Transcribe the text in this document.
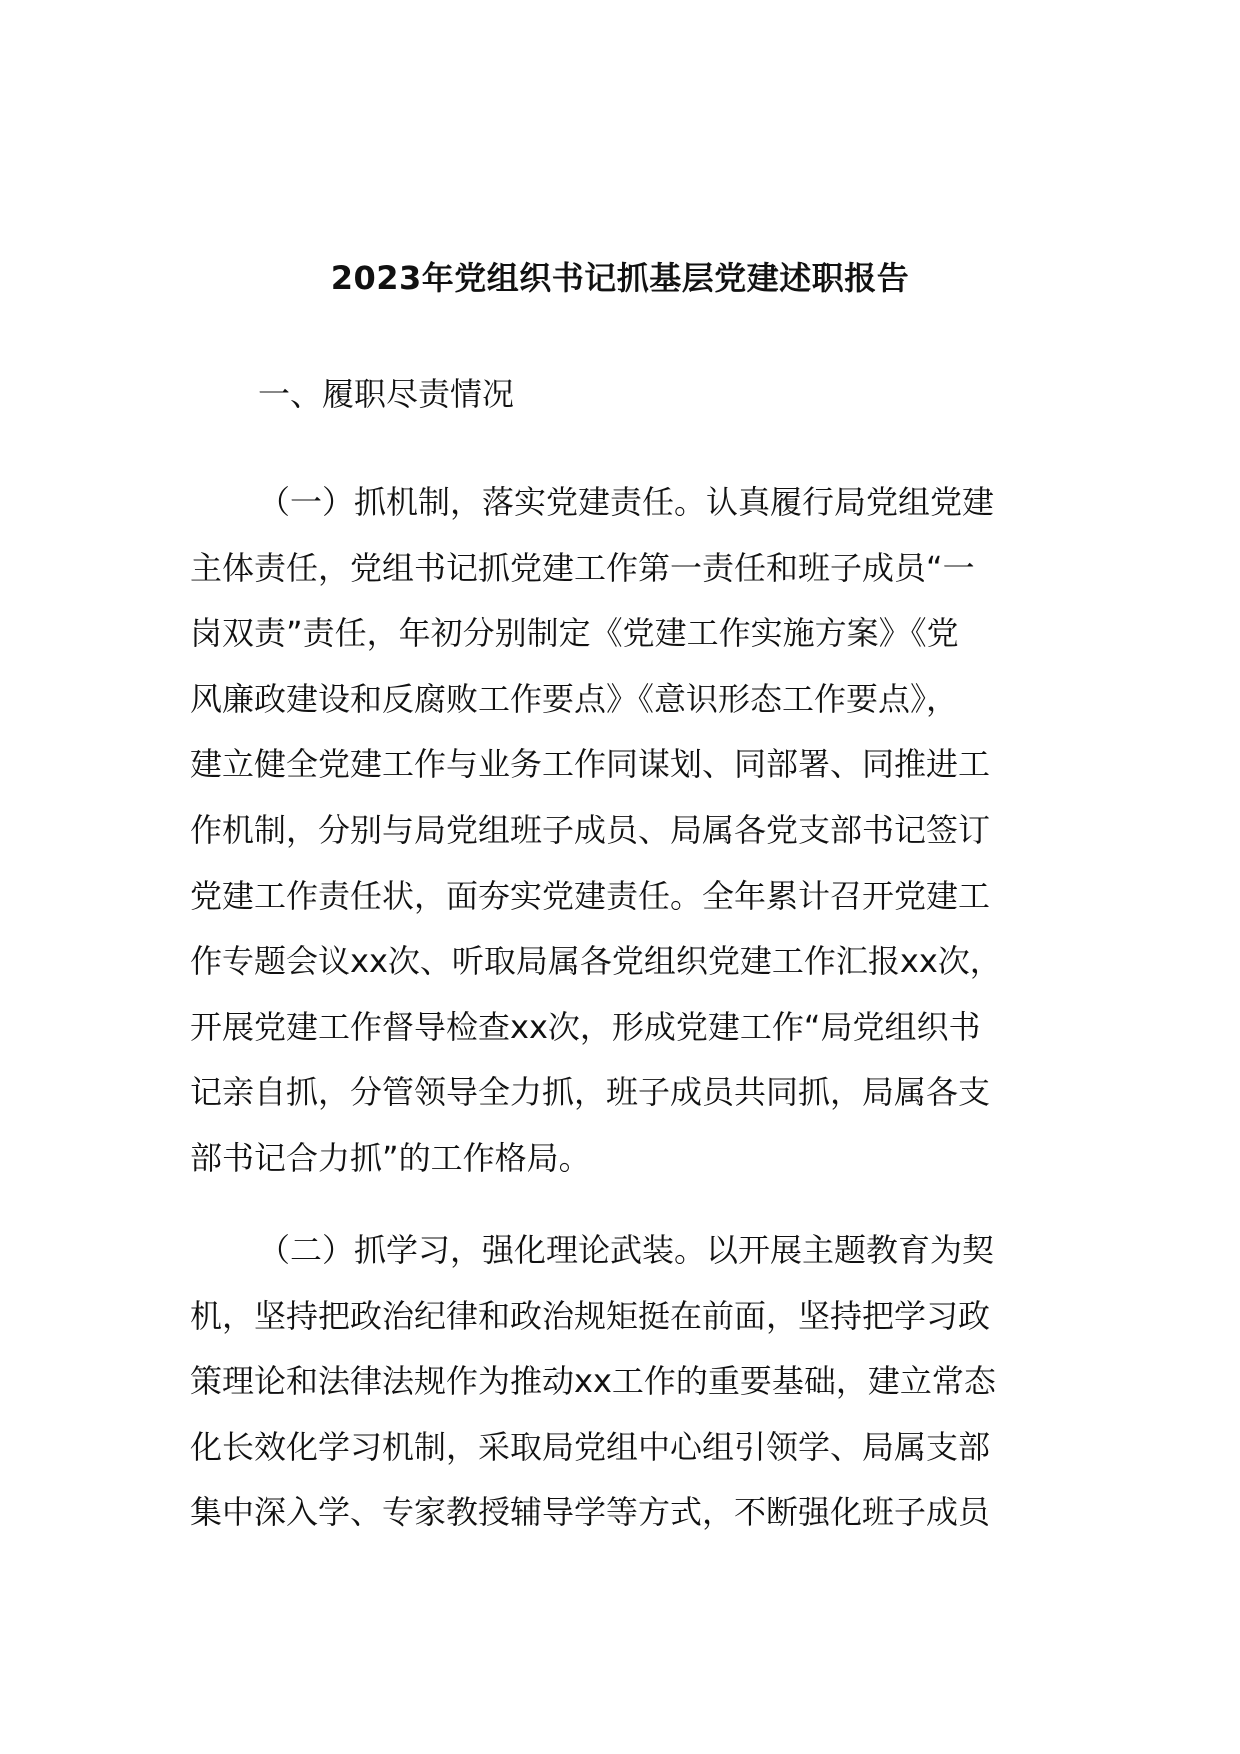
2023年党组织书记抓基层党建述职报告
一、履职尽责情况
（一）抓机制，落实党建责任。认真履行局党组党建
主体责任，党组书记抓党建工作第一责任和班子成员“一
岗双责”责任，年初分别制定《党建工作实施方案》《党
风廉政建设和反腐败工作要点》《意识形态工作要点》，
建立健全党建工作与业务工作同谋划、同部署、同推进工
作机制，分别与局党组班子成员、局属各党支部书记签订
党建工作责任状，面夯实党建责任。全年累计召开党建工
作专题会议xx次、听取局属各党组织党建工作汇报xx次，
开展党建工作督导检查xx次，形成党建工作“局党组织书
记亲自抓，分管领导全力抓，班子成员共同抓，局属各支
部书记合力抓”的工作格局。
（二）抓学习，强化理论武装。以开展主题教育为契
机，坚持把政治纪律和政治规矩挺在前面，坚持把学习政
策理论和法律法规作为推动xx工作的重要基础，建立常态
化长效化学习机制，采取局党组中心组引领学、局属支部
集中深入学、专家教授辅导学等方式，不断强化班子成员
